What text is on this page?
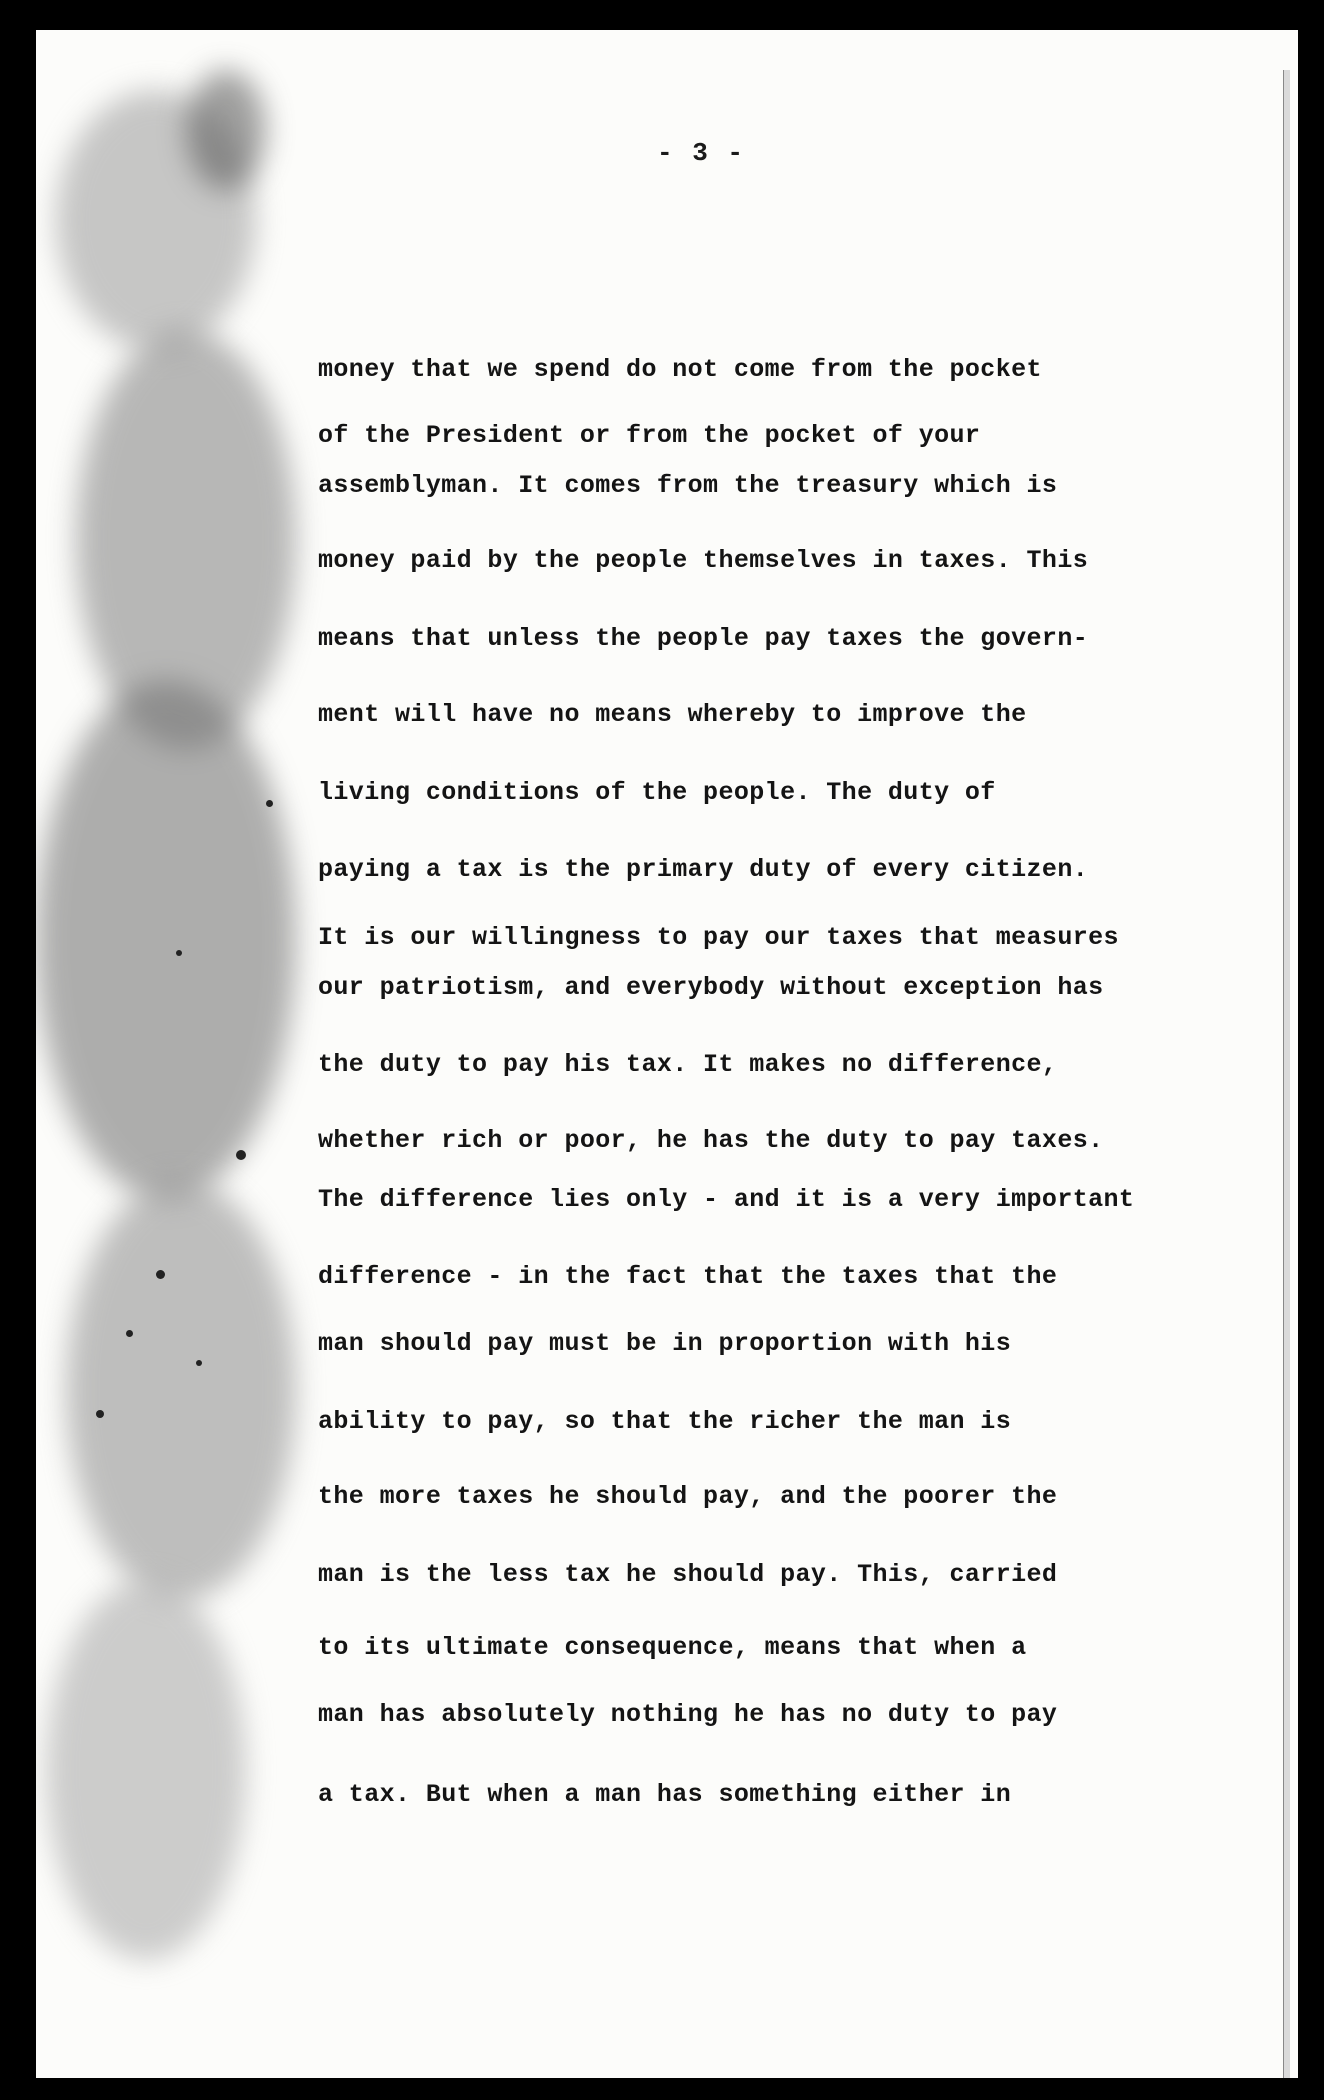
- 3 -
money that we spend do not come from the pocket
of the President or from the pocket of your
assemblyman. It comes from the treasury which is
money paid by the people themselves in taxes. This
means that unless the people pay taxes the govern-
ment will have no means whereby to improve the
living conditions of the people. The duty of
paying a tax is the primary duty of every citizen.
It is our willingness to pay our taxes that measures
our patriotism, and everybody without exception has
the duty to pay his tax. It makes no difference,
whether rich or poor, he has the duty to pay taxes.
The difference lies only - and it is a very important
difference - in the fact that the taxes that the
man should pay must be in proportion with his
ability to pay, so that the richer the man is
the more taxes he should pay, and the poorer the
man is the less tax he should pay. This, carried
to its ultimate consequence, means that when a
man has absolutely nothing he has no duty to pay
a tax. But when a man has something either in
